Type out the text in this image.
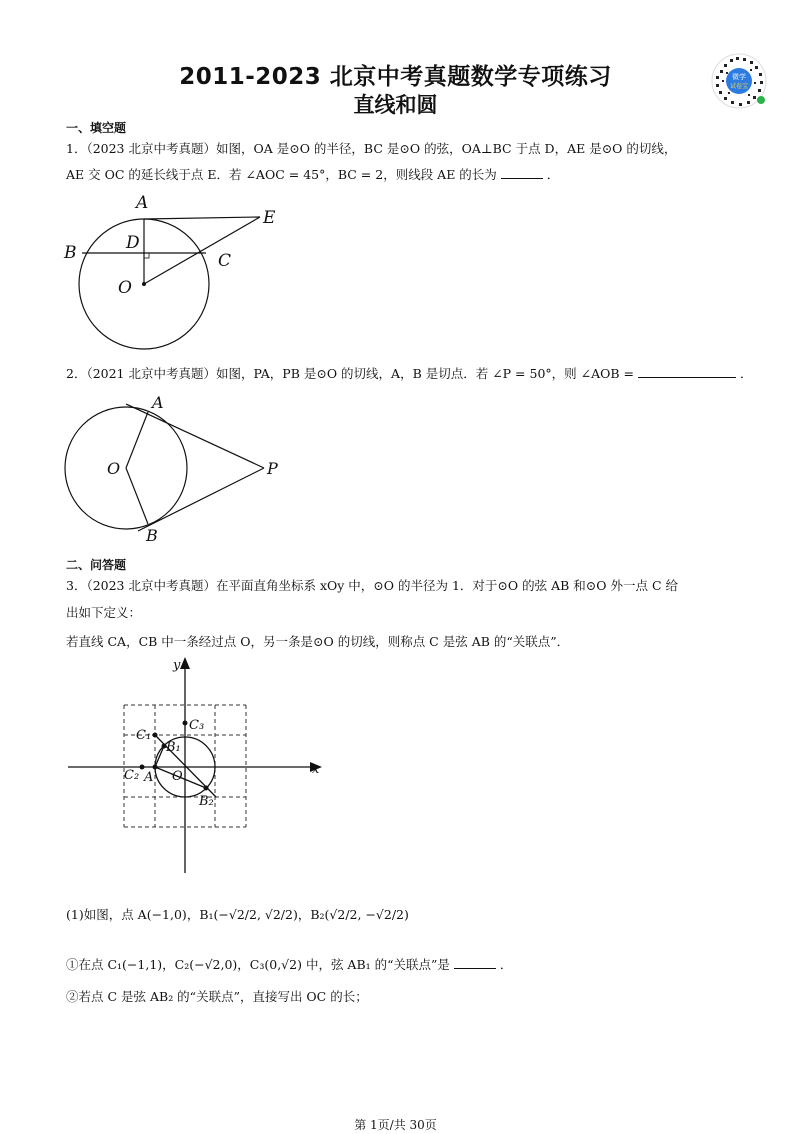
2011-2023 北京中考真题数学专项练习
直线和圆
微学
试卷宝
一、填空题
1．（2023 北京中考真题）如图，OA 是⊙O 的半径，BC 是⊙O 的弦，OA⊥BC 于点 D，AE 是⊙O 的切线，
AE 交 OC 的延长线于点 E．若 ∠AOC = 45°，BC = 2，则线段 AE 的长为	．
A
B	C
D
E
O
2．（2021 北京中考真题）如图，PA，PB 是⊙O 的切线，A，B 是切点．若 ∠P = 50°，则 ∠AOB =	．
A
B
O	P
二、问答题
3．（2023 北京中考真题）在平面直角坐标系 xOy 中，⊙O 的半径为 1．对于⊙O 的弦 AB 和⊙O 外一点 C 给
出如下定义：
若直线 CA，CB 中一条经过点 O，另一条是⊙O 的切线，则称点 C 是弦 AB 的“关联点”．
y
x
O
A
C₁
C₂
C₃
B₁
B₂
(1)如图，点 A(−1,0)，B₁(−√2/2, √2/2)，B₂(√2/2, −√2/2)
①在点 C₁(−1,1)，C₂(−√2,0)，C₃(0,√2) 中，弦 AB₁ 的“关联点”是	．
②若点 C 是弦 AB₂ 的“关联点”，直接写出 OC 的长；
第 1页/共 30页
